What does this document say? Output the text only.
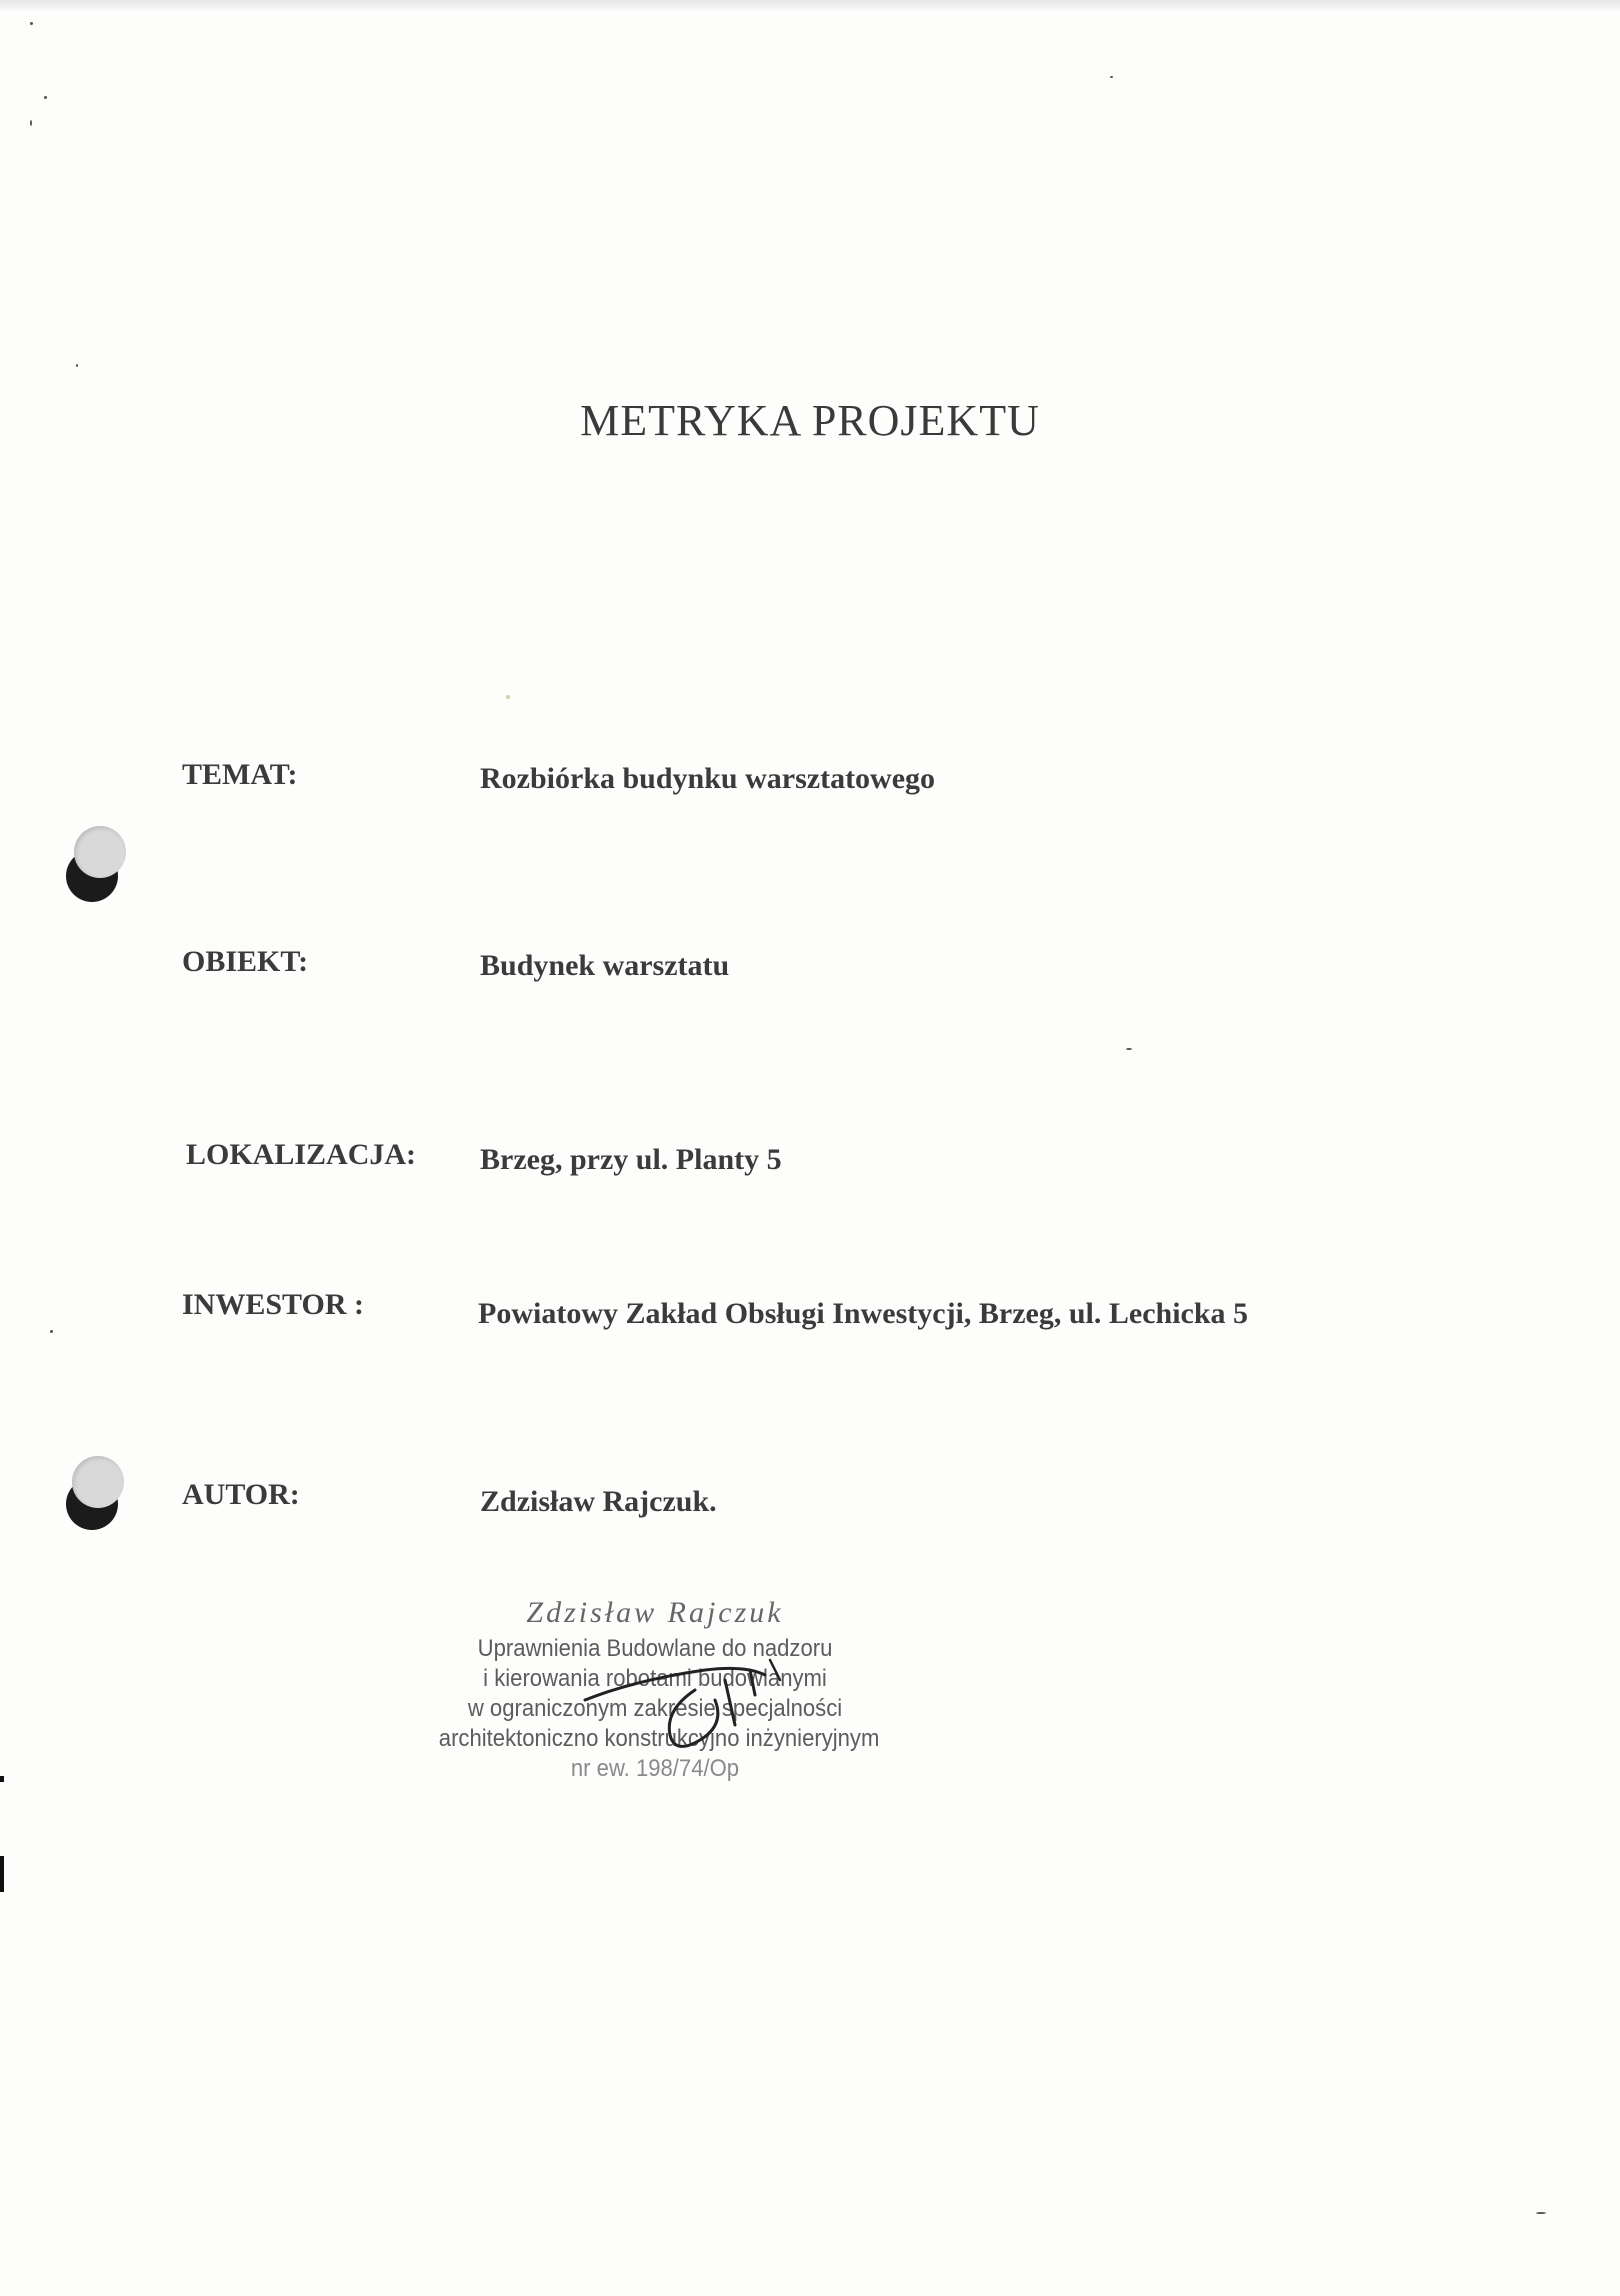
METRYKA PROJEKTU
TEMAT:	Rozbiórka budynku warsztatowego
OBIEKT:	Budynek warsztatu
LOKALIZACJA: Brzeg, przy ul. Planty 5
INWESTOR :	Powiatowy Zakład Obsługi Inwestycji, Brzeg, ul. Lechicka 5
AUTOR:	Zdzisław Rajczuk.
Zdzisław Rajczuk
Uprawnienia Budowlane do nadzoru
i kierowania robotami budowlanymi
w ograniczonym zakresie specjalności
architektoniczno konstrukcyjno inżynieryjnym
nr ew. 198/74/Op
